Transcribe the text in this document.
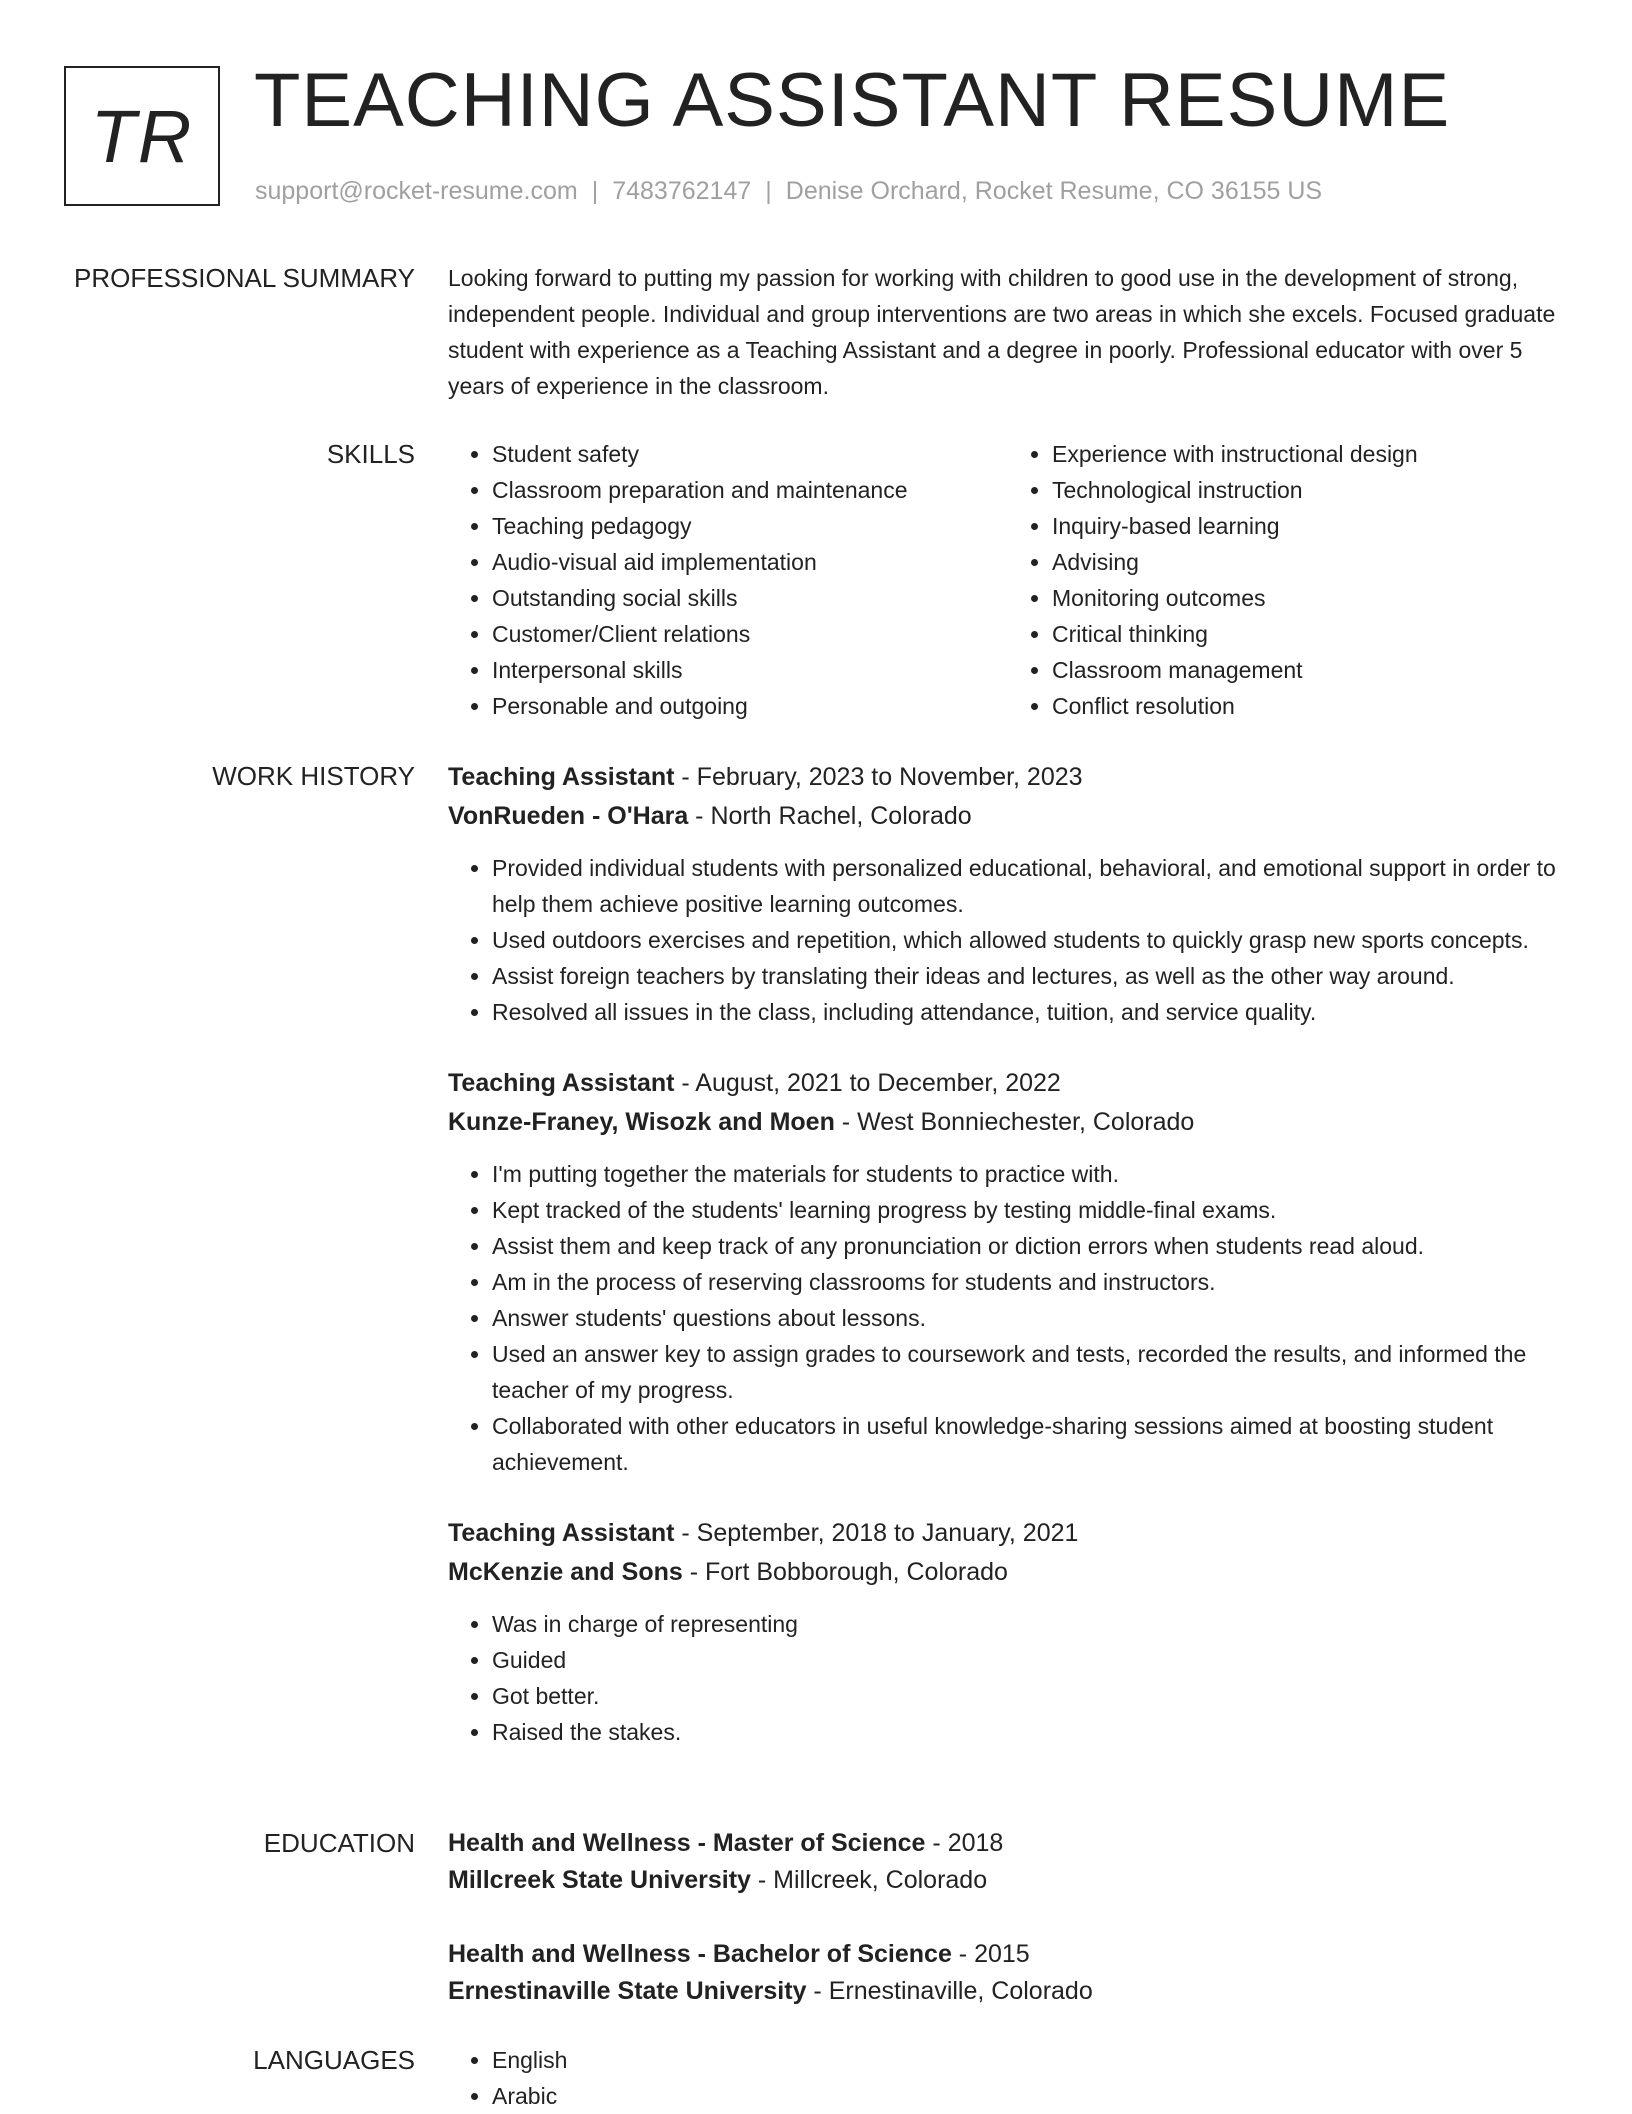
TR TEACHING ASSISTANT RESUME
support@rocket-resume.com | 7483762147 | Denise Orchard, Rocket Resume, CO 36155 US
PROFESSIONAL SUMMARY Looking forward to putting my passion for working with children to good use in the development of strong, independent people. Individual and group interventions are two areas in which she excels. Focused graduate student with experience as a Teaching Assistant and a degree in poorly. Professional educator with over 5 years of experience in the classroom.
SKILLS	• Student safety
• Classroom preparation and maintenance
• Teaching pedagogy
• Audio-visual aid implementation
• Outstanding social skills
• Customer/Client relations
• Interpersonal skills
• Personable and outgoing
• Experience with instructional design
• Technological instruction
• Inquiry-based learning
• Advising
• Monitoring outcomes
• Critical thinking
• Classroom management
• Conflict resolution
WORK HISTORY Teaching Assistant - February, 2023 to November, 2023
VonRueden - O'Hara - North Rachel, Colorado
• Provided individual students with personalized educational, behavioral, and emotional support in order to help them achieve positive learning outcomes.
• Used outdoors exercises and repetition, which allowed students to quickly grasp new sports concepts.
• Assist foreign teachers by translating their ideas and lectures, as well as the other way around.
• Resolved all issues in the class, including attendance, tuition, and service quality.
Teaching Assistant - August, 2021 to December, 2022
Kunze-Franey, Wisozk and Moen - West Bonniechester, Colorado
• I'm putting together the materials for students to practice with.
• Kept tracked of the students' learning progress by testing middle-final exams.
• Assist them and keep track of any pronunciation or diction errors when students read aloud.
• Am in the process of reserving classrooms for students and instructors.
• Answer students' questions about lessons.
• Used an answer key to assign grades to coursework and tests, recorded the results, and informed the teacher of my progress.
• Collaborated with other educators in useful knowledge-sharing sessions aimed at boosting student achievement.
Teaching Assistant - September, 2018 to January, 2021
McKenzie and Sons - Fort Bobborough, Colorado
• Was in charge of representing
• Guided
• Got better.
• Raised the stakes.
EDUCATION Health and Wellness - Master of Science - 2018
Millcreek State University - Millcreek, Colorado
Health and Wellness - Bachelor of Science - 2015
Ernestinaville State University - Ernestinaville, Colorado
LANGUAGES	• English
• Arabic
